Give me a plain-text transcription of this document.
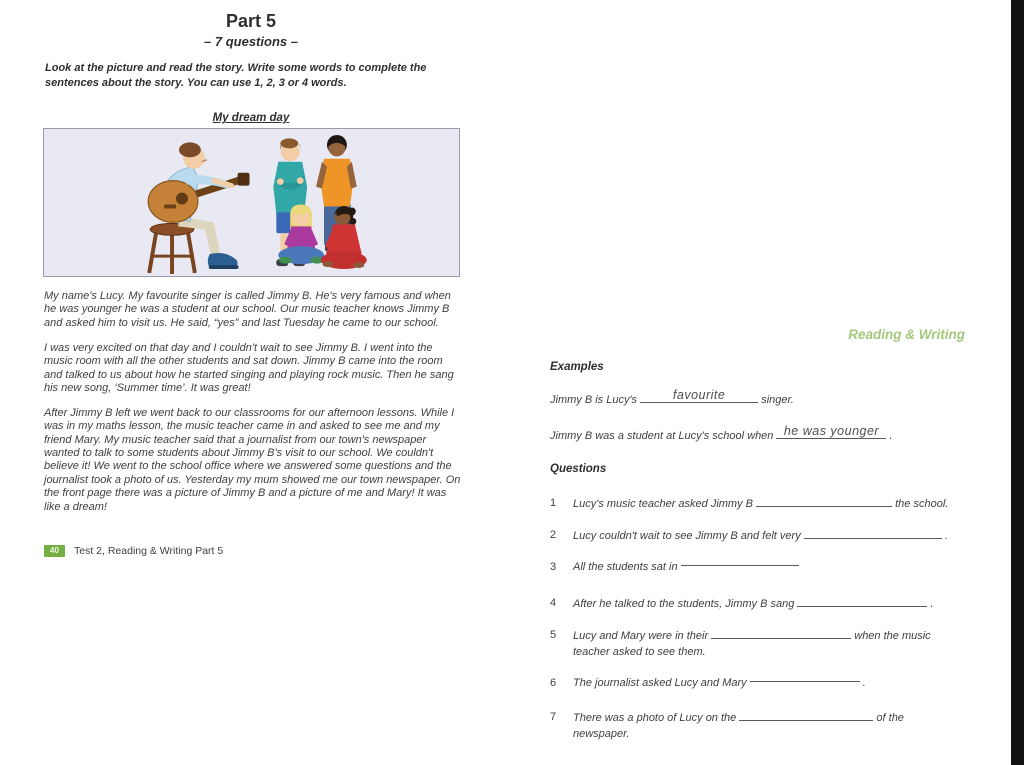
Part 5
– 7 questions –
Look at the picture and read the story. Write some words to complete the sentences about the story. You can use 1, 2, 3 or 4 words.
My dream day

My name's Lucy. My favourite singer is called Jimmy B. He's very famous and when he was younger he was a student at our school. Our music teacher knows Jimmy B and asked him to visit us. He said, “yes” and last Tuesday he came to our school.

I was very excited on that day and I couldn't wait to see Jimmy B. I went into the music room with all the other students and sat down. Jimmy B came into the room and talked to us about how he started singing and playing rock music. Then he sang his new song, ‘Summer time’. It was great!

After Jimmy B left we went back to our classrooms for our afternoon lessons. While I was in my maths lesson, the music teacher came in and asked to see me and my friend Mary. My music teacher said that a journalist from our town's newspaper wanted to talk to some students about Jimmy B's visit to our school. We couldn't believe it! We went to the school office where we answered some questions and the journalist took a photo of us. Yesterday my mum showed me our town newspaper. On the front page there was a picture of Jimmy B and a picture of me and Mary! It was like a dream!

40	Test 2, Reading & Writing Part 5
Reading & Writing
Examples
Jimmy B is Lucy's	favourite	singer.
Jimmy B was a student at Lucy's school when he was younger .
Questions
1	Lucy's music teacher asked Jimmy B	the school.
2	Lucy couldn't wait to see Jimmy B and felt very	.
3	All the students sat in
4	After he talked to the students, Jimmy B sang	.
5	Lucy and Mary were in their	when the music teacher asked to see them.
6	The journalist asked Lucy and Mary	.
7	There was a photo of Lucy on the	of the newspaper.
